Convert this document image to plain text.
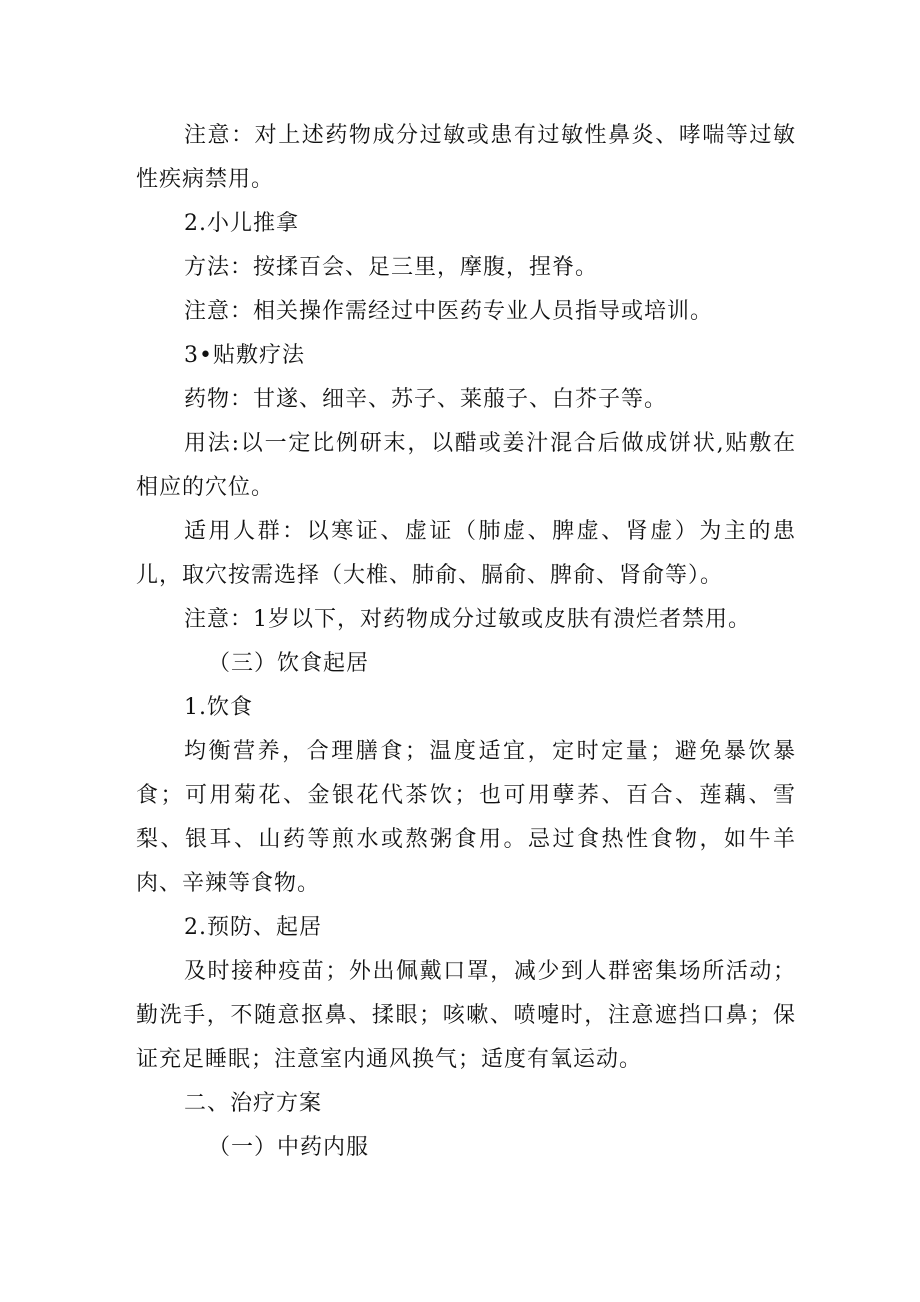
注意：对上述药物成分过敏或患有过敏性鼻炎、哮喘等过敏性疾病禁用。

2.小儿推拿

方法：按揉百会、足三里，摩腹，捏脊。

注意：相关操作需经过中医药专业人员指导或培训。

3•贴敷疗法

药物：甘遂、细辛、苏子、莱菔子、白芥子等。

用法:以一定比例研末，以醋或姜汁混合后做成饼状,贴敷在相应的穴位。

适用人群：以寒证、虚证（肺虚、脾虚、肾虚）为主的患儿，取穴按需选择（大椎、肺俞、膈俞、脾俞、肾俞等）。

注意：1岁以下，对药物成分过敏或皮肤有溃烂者禁用。

（三）饮食起居

1.饮食

均衡营养，合理膳食；温度适宜，定时定量；避免暴饮暴食；可用菊花、金银花代茶饮；也可用孽荞、百合、莲藕、雪梨、银耳、山药等煎水或熬粥食用。忌过食热性食物，如牛羊肉、辛辣等食物。

2.预防、起居

及时接种疫苗；外出佩戴口罩，减少到人群密集场所活动；勤洗手，不随意抠鼻、揉眼；咳嗽、喷嚏时，注意遮挡口鼻；保证充足睡眠；注意室内通风换气；适度有氧运动。

二、治疗方案

（一）中药内服
